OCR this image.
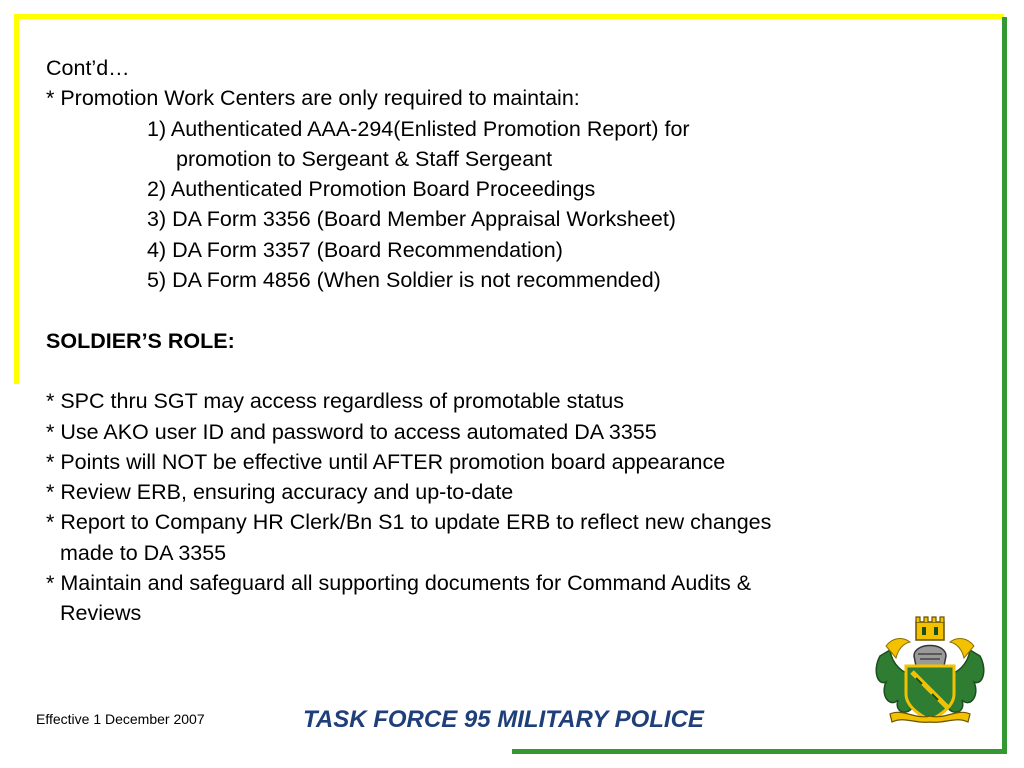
Cont’d…
* Promotion Work Centers are only required to maintain:
1) Authenticated AAA-294(Enlisted Promotion Report) for
promotion to Sergeant & Staff Sergeant
2) Authenticated Promotion Board Proceedings
3) DA Form 3356 (Board Member Appraisal Worksheet)
4) DA Form 3357 (Board Recommendation)
5) DA Form 4856 (When Soldier is not recommended)
SOLDIER’S ROLE:
* SPC thru SGT may access regardless of promotable status
* Use AKO user ID and password to access automated DA 3355
* Points will NOT be effective until AFTER promotion board appearance
* Review ERB, ensuring accuracy and up-to-date
* Report to Company HR Clerk/Bn S1 to update ERB to reflect new changes
made to DA 3355
* Maintain and safeguard all supporting documents for Command Audits &
Reviews
Effective 1 December 2007	TASK FORCE 95 MILITARY POLICE
